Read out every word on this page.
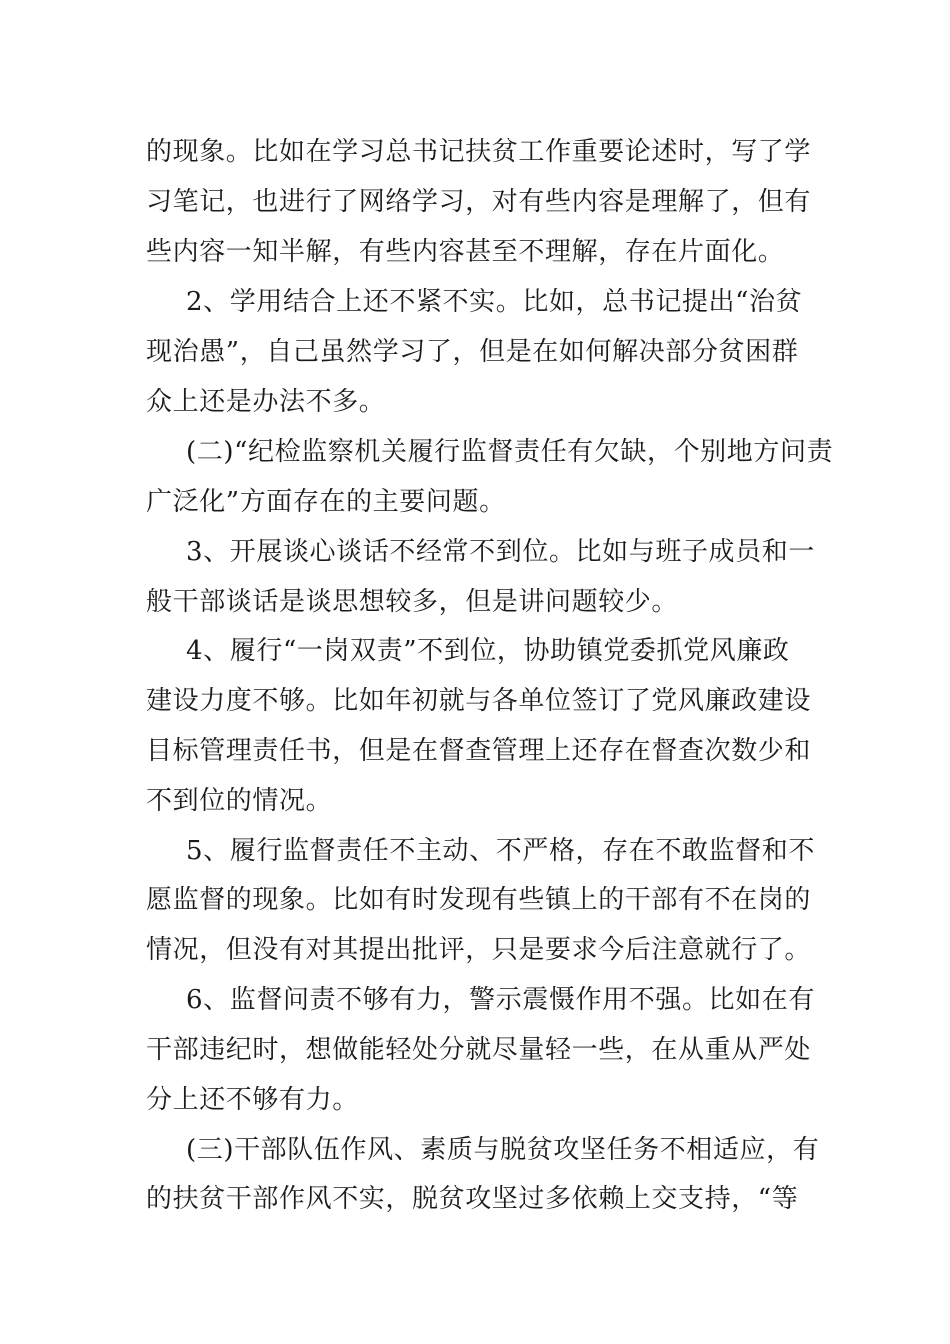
的现象。比如在学习总书记扶贫工作重要论述时，写了学
习笔记，也进行了网络学习，对有些内容是理解了，但有
些内容一知半解，有些内容甚至不理解，存在片面化。
2、学用结合上还不紧不实。比如，总书记提出“治贫
现治愚”，自己虽然学习了，但是在如何解决部分贫困群
众上还是办法不多。
(二)“纪检监察机关履行监督责任有欠缺，个别地方问责
广泛化”方面存在的主要问题。
3、开展谈心谈话不经常不到位。比如与班子成员和一
般干部谈话是谈思想较多，但是讲问题较少。
4、履行“一岗双责”不到位，协助镇党委抓党风廉政
建设力度不够。比如年初就与各单位签订了党风廉政建设
目标管理责任书，但是在督查管理上还存在督查次数少和
不到位的情况。
5、履行监督责任不主动、不严格，存在不敢监督和不
愿监督的现象。比如有时发现有些镇上的干部有不在岗的
情况，但没有对其提出批评，只是要求今后注意就行了。
6、监督问责不够有力，警示震慑作用不强。比如在有
干部违纪时，想做能轻处分就尽量轻一些，在从重从严处
分上还不够有力。
(三)干部队伍作风、素质与脱贫攻坚任务不相适应，有
的扶贫干部作风不实，脱贫攻坚过多依赖上交支持，“等
